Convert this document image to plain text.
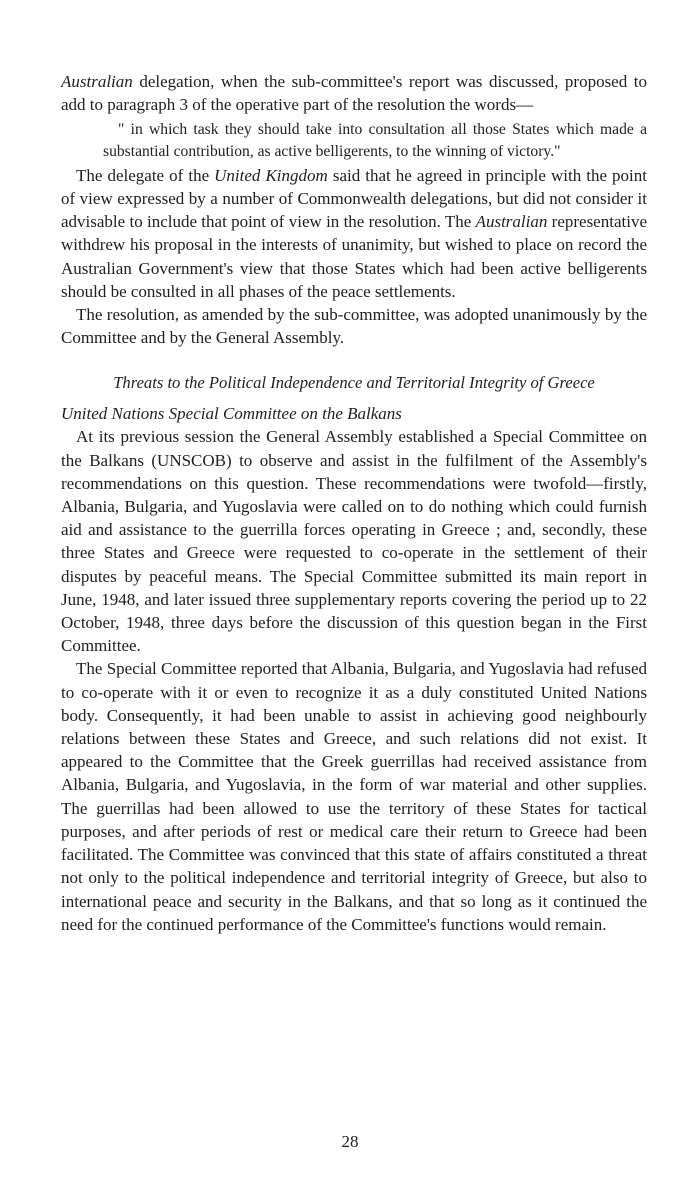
Australian delegation, when the sub-committee's report was discussed, proposed to add to paragraph 3 of the operative part of the resolution the words—

" in which task they should take into consultation all those States which made a substantial contribution, as active belligerents, to the winning of victory."

The delegate of the United Kingdom said that he agreed in principle with the point of view expressed by a number of Commonwealth delegations, but did not consider it advisable to include that point of view in the resolution. The Australian representative withdrew his proposal in the interests of unanimity, but wished to place on record the Australian Government's view that those States which had been active belligerents should be consulted in all phases of the peace settlements.

The resolution, as amended by the sub-committee, was adopted unanimously by the Committee and by the General Assembly.

Threats to the Political Independence and Territorial Integrity of Greece
United Nations Special Committee on the Balkans

At its previous session the General Assembly established a Special Committee on the Balkans (UNSCOB) to observe and assist in the fulfilment of the Assembly's recommendations on this question. These recommendations were twofold—firstly, Albania, Bulgaria, and Yugoslavia were called on to do nothing which could furnish aid and assistance to the guerrilla forces operating in Greece ; and, secondly, these three States and Greece were requested to co-operate in the settlement of their disputes by peaceful means. The Special Committee submitted its main report in June, 1948, and later issued three supplementary reports covering the period up to 22 October, 1948, three days before the discussion of this question began in the First Committee.

The Special Committee reported that Albania, Bulgaria, and Yugoslavia had refused to co-operate with it or even to recognize it as a duly constituted United Nations body. Consequently, it had been unable to assist in achieving good neighbourly relations between these States and Greece, and such relations did not exist. It appeared to the Committee that the Greek guerrillas had received assistance from Albania, Bulgaria, and Yugoslavia, in the form of war material and other supplies. The guerrillas had been allowed to use the territory of these States for tactical purposes, and after periods of rest or medical care their return to Greece had been facilitated. The Committee was convinced that this state of affairs constituted a threat not only to the political independence and territorial integrity of Greece, but also to international peace and security in the Balkans, and that so long as it continued the need for the continued performance of the Committee's functions would remain.

28
